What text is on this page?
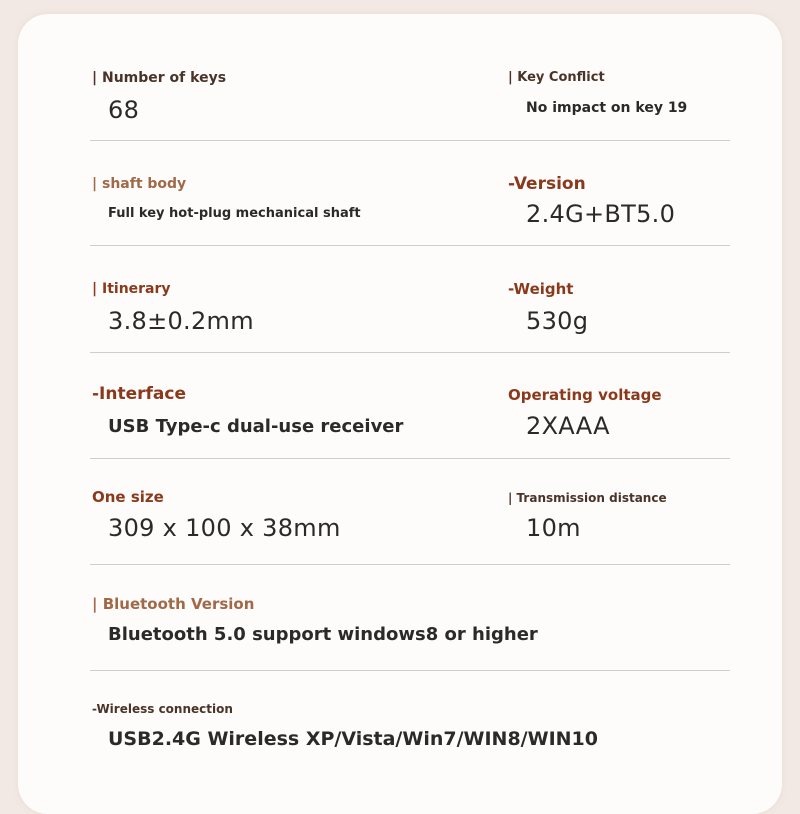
| Number of keys
68
| Key Conflict
No impact on key 19
| shaft body
Full key hot-plug mechanical shaft
-Version
2.4G+BT5.0
| Itinerary
3.8±0.2mm
-Weight
530g
-Interface
USB Type-c dual-use receiver
Operating voltage
2XAAA
One size
309 x 100 x 38mm
| Transmission distance
10m
| Bluetooth Version
Bluetooth 5.0 support windows8 or higher
-Wireless connection
USB2.4G Wireless XP/Vista/Win7/WIN8/WIN10
